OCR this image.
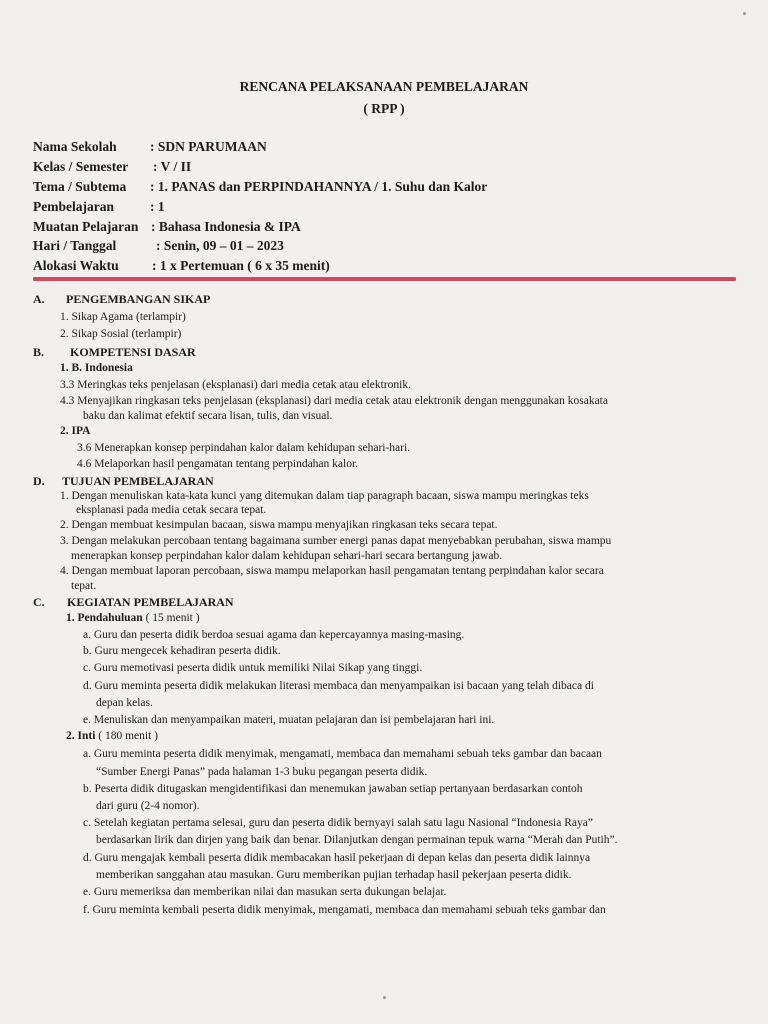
RENCANA PELAKSANAAN PEMBELAJARAN
( RPP )
Nama Sekolah : SDN PARUMAAN
Kelas / Semester : V / II
Tema / Subtema : 1. PANAS dan PERPINDAHANNYA / 1. Suhu dan Kalor
Pembelajaran	: 1
Muatan Pelajaran : Bahasa Indonesia & IPA
Hari / Tanggal	: Senin, 09 – 01 – 2023
Alokasi Waktu : 1 x Pertemuan ( 6 x 35 menit)
A. PENGEMBANGAN SIKAP
1. Sikap Agama (terlampir)
2. Sikap Sosial (terlampir)
B. KOMPETENSI DASAR
1. B. Indonesia
3.3 Meringkas teks penjelasan (eksplanasi) dari media cetak atau elektronik.
4.3 Menyajikan ringkasan teks penjelasan (eksplanasi) dari media cetak atau elektronik dengan menggunakan kosakata
baku dan kalimat efektif secara lisan, tulis, dan visual.
2. IPA
3.6 Menerapkan konsep perpindahan kalor dalam kehidupan sehari-hari.
4.6 Melaporkan hasil pengamatan tentang perpindahan kalor.
D. TUJUAN PEMBELAJARAN
1. Dengan menuliskan kata-kata kunci yang ditemukan dalam tiap paragraph bacaan, siswa mampu meringkas teks
eksplanasi pada media cetak secara tepat.
2. Dengan membuat kesimpulan bacaan, siswa mampu menyajikan ringkasan teks secara tepat.
3. Dengan melakukan percobaan tentang bagaimana sumber energi panas dapat menyebabkan perubahan, siswa mampu
menerapkan konsep perpindahan kalor dalam kehidupan sehari-hari secara bertangung jawab.
4. Dengan membuat laporan percobaan, siswa mampu melaporkan hasil pengamatan tentang perpindahan kalor secara
tepat.
C. KEGIATAN PEMBELAJARAN
1. Pendahuluan ( 15 menit )
a. Guru dan peserta didik berdoa sesuai agama dan kepercayannya masing-masing.
b. Guru mengecek kehadiran peserta didik.
c. Guru memotivasi peserta didik untuk memiliki Nilai Sikap yang tinggi.
d. Guru meminta peserta didik melakukan literasi membaca dan menyampaikan isi bacaan yang telah dibaca di
depan kelas.
e. Menuliskan dan menyampaikan materi, muatan pelajaran dan isi pembelajaran hari ini.
2. Inti ( 180 menit )
a. Guru meminta peserta didik menyimak, mengamati, membaca dan memahami sebuah teks gambar dan bacaan
“Sumber Energi Panas” pada halaman 1-3 buku pegangan peserta didik.
b. Peserta didik ditugaskan mengidentifikasi dan menemukan jawaban setiap pertanyaan berdasarkan contoh
dari guru (2-4 nomor).
c. Setelah kegiatan pertama selesai, guru dan peserta didik bernyayi salah satu lagu Nasional “Indonesia Raya”
berdasarkan lirik dan dirjen yang baik dan benar. Dilanjutkan dengan permainan tepuk warna “Merah dan Putih”.
d. Guru mengajak kembali peserta didik membacakan hasil pekerjaan di depan kelas dan peserta didik lainnya
memberikan sanggahan atau masukan. Guru memberikan pujian terhadap hasil pekerjaan peserta didik.
e. Guru memeriksa dan memberikan nilai dan masukan serta dukungan belajar.
f. Guru meminta kembali peserta didik menyimak, mengamati, membaca dan memahami sebuah teks gambar dan
